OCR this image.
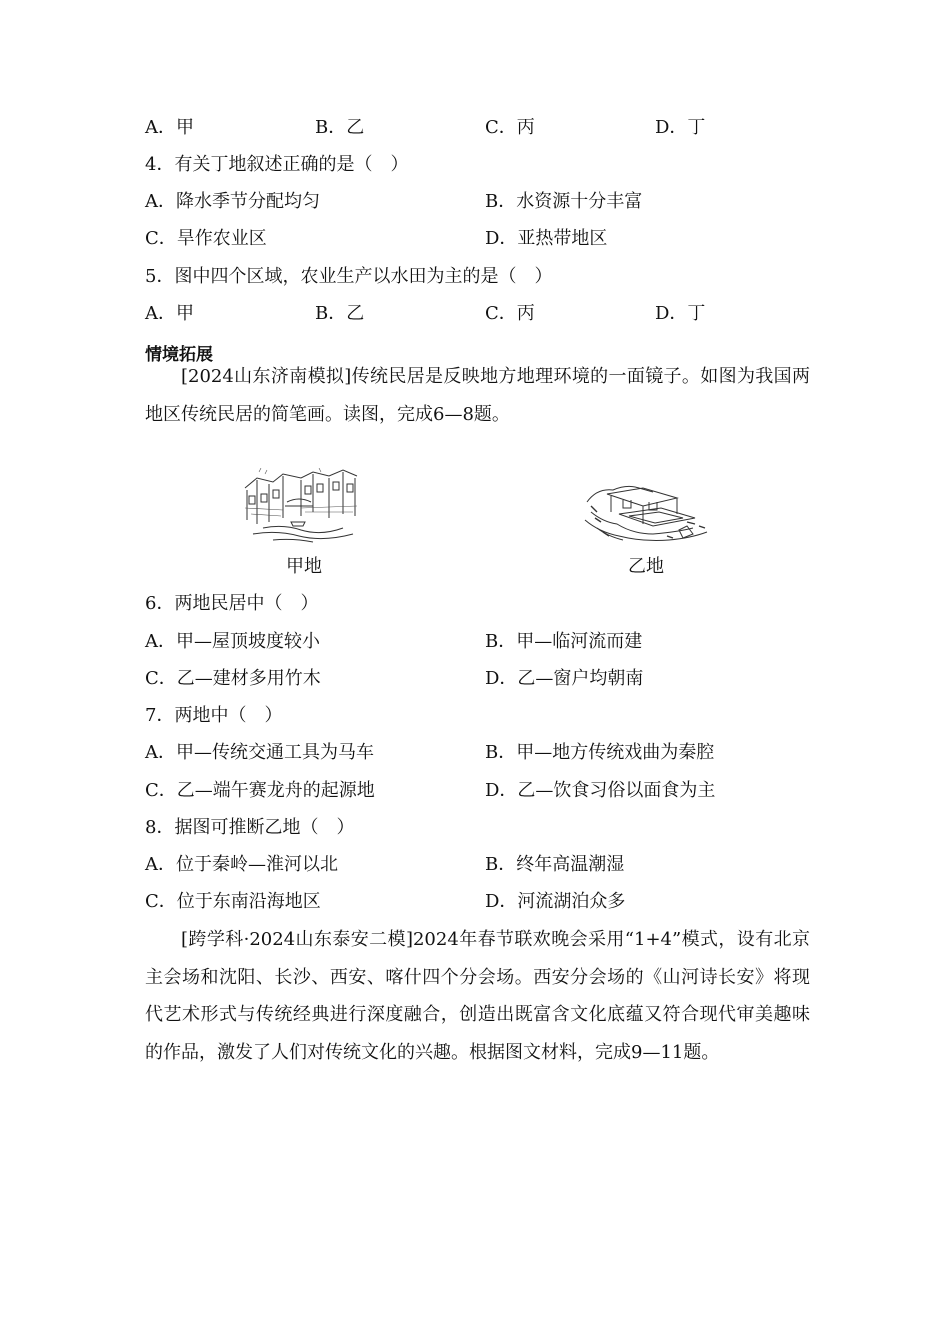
A．甲	B．乙	C．丙	D．丁
4．有关丁地叙述正确的是（　）
A．降水季节分配均匀	B．水资源十分丰富
C．旱作农业区	D．亚热带地区
5．图中四个区域，农业生产以水田为主的是（　）
A．甲	B．乙	C．丙	D．丁
情境拓展
[2024山东济南模拟]传统民居是反映地方地理环境的一面镜子。如图为我国两地区传统民居的简笔画。读图，完成6—8题。
甲地	乙地
6．两地民居中（　）
A．甲—屋顶坡度较小	B．甲—临河流而建
C．乙—建材多用竹木	D．乙—窗户均朝南
7．两地中（　）
A．甲—传统交通工具为马车	B．甲—地方传统戏曲为秦腔
C．乙—端午赛龙舟的起源地	D．乙—饮食习俗以面食为主
8．据图可推断乙地（　）
A．位于秦岭—淮河以北	B．终年高温潮湿
C．位于东南沿海地区	D．河流湖泊众多
[跨学科·2024山东泰安二模]2024年春节联欢晚会采用“1+4”模式，设有北京主会场和沈阳、长沙、西安、喀什四个分会场。西安分会场的《山河诗长安》将现代艺术形式与传统经典进行深度融合，创造出既富含文化底蕴又符合现代审美趣味的作品，激发了人们对传统文化的兴趣。根据图文材料，完成9—11题。
